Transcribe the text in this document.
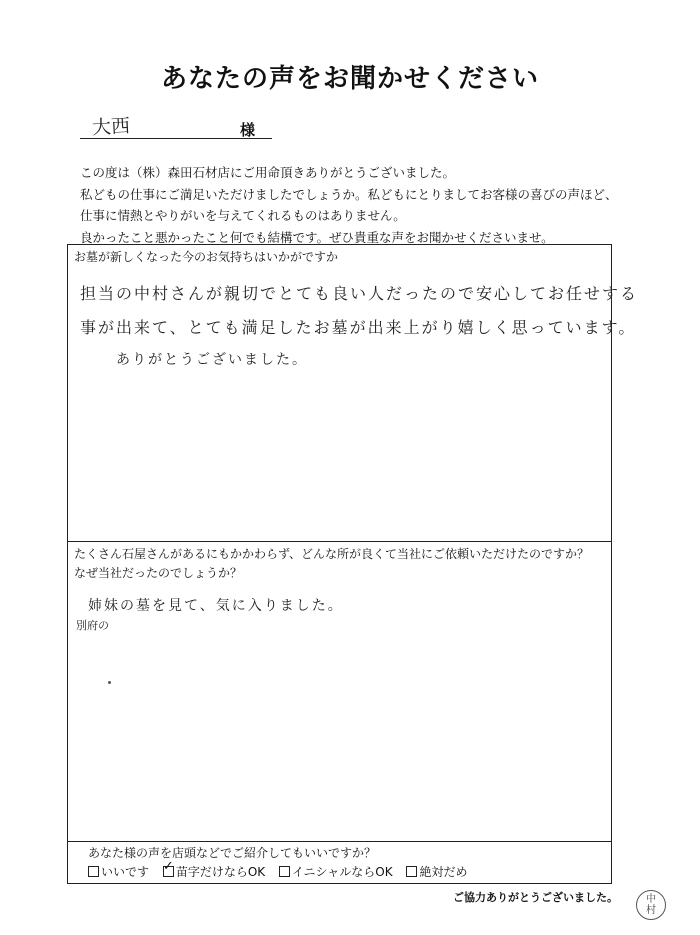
あなたの声をお聞かせください
大西	様
この度は（株）森田石材店にご用命頂きありがとうございました。
私どもの仕事にご満足いただけましたでしょうか。私どもにとりましてお客様の喜びの声ほど、
仕事に情熱とやりがいを与えてくれるものはありません。
良かったこと悪かったこと何でも結構です。ぜひ貴重な声をお聞かせくださいませ。
お墓が新しくなった今のお気持ちはいかがですか
担当の中村さんが親切でとても良い人だったので安心してお任せする
事が出来て、とても満足したお墓が出来上がり嬉しく思っています。
ありがとうございました。
たくさん石屋さんがあるにもかかわらず、どんな所が良くて当社にご依頼いただけたのですか？
なぜ当社だったのでしょうか？
姉妹の墓を見て、気に入りました。
別府の
あなた様の声を店頭などでご紹介してもいいですか？
いいです ✓ 苗字だけならOK イニシャルならOK 絶対だめ
ご協力ありがとうございました。	中
村
